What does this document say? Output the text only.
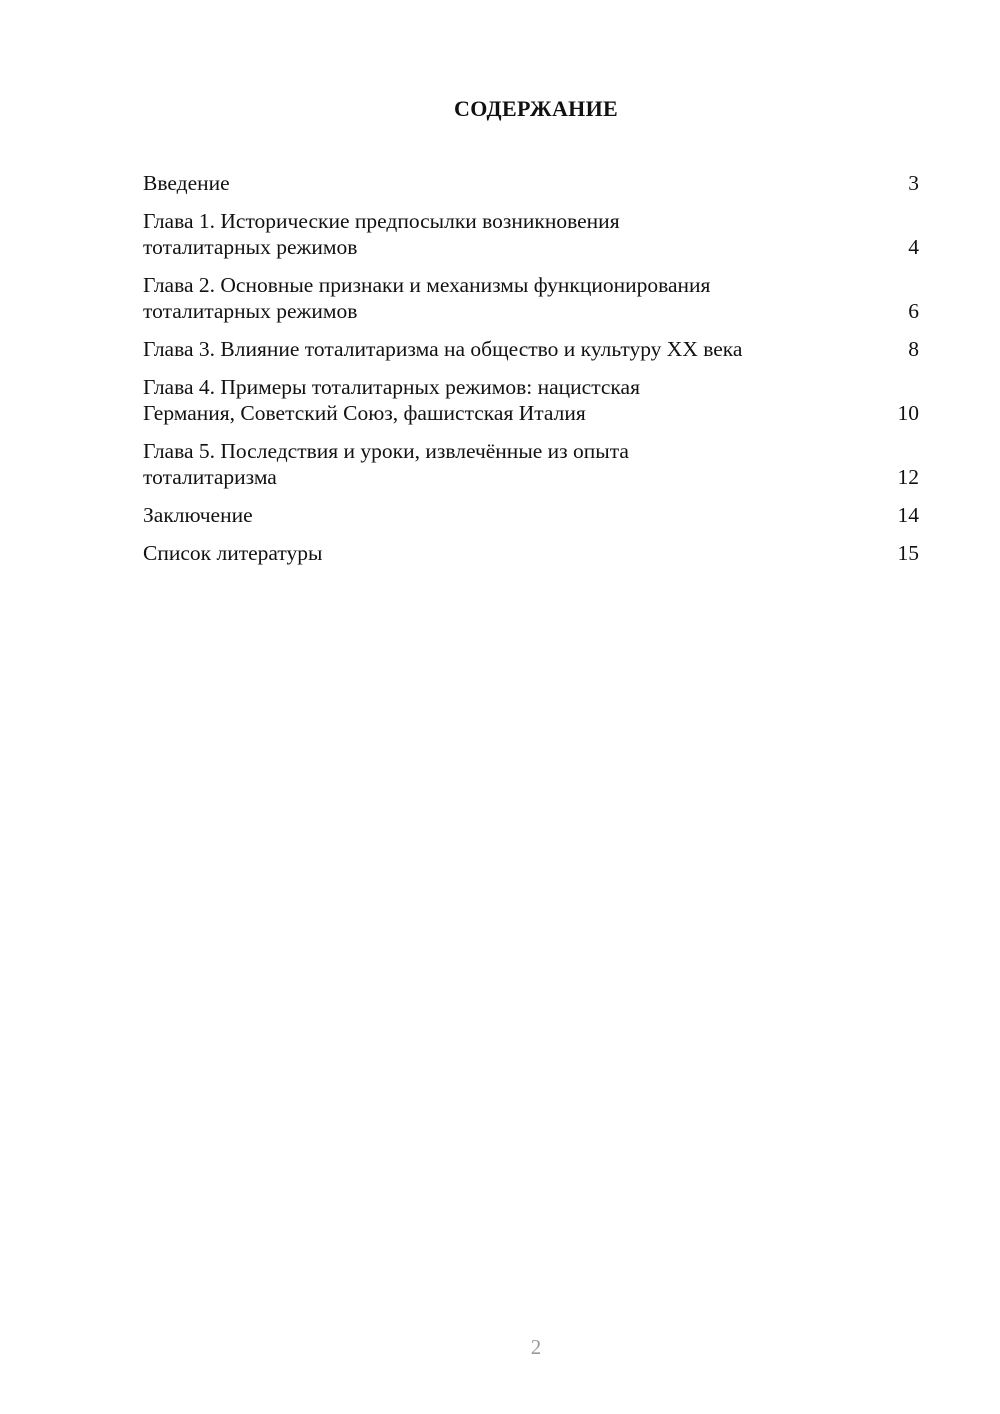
СОДЕРЖАНИЕ
Введение	3
Глава 1. Исторические предпосылки возникновения тоталитарных режимов	4
Глава 2. Основные признаки и механизмы функционирования тоталитарных режимов	6
Глава 3. Влияние тоталитаризма на общество и культуру XX века	8
Глава 4. Примеры тоталитарных режимов: нацистская Германия, Советский Союз, фашистская Италия	10
Глава 5. Последствия и уроки, извлечённые из опыта тоталитаризма	12
Заключение	14
Список литературы	15
2
